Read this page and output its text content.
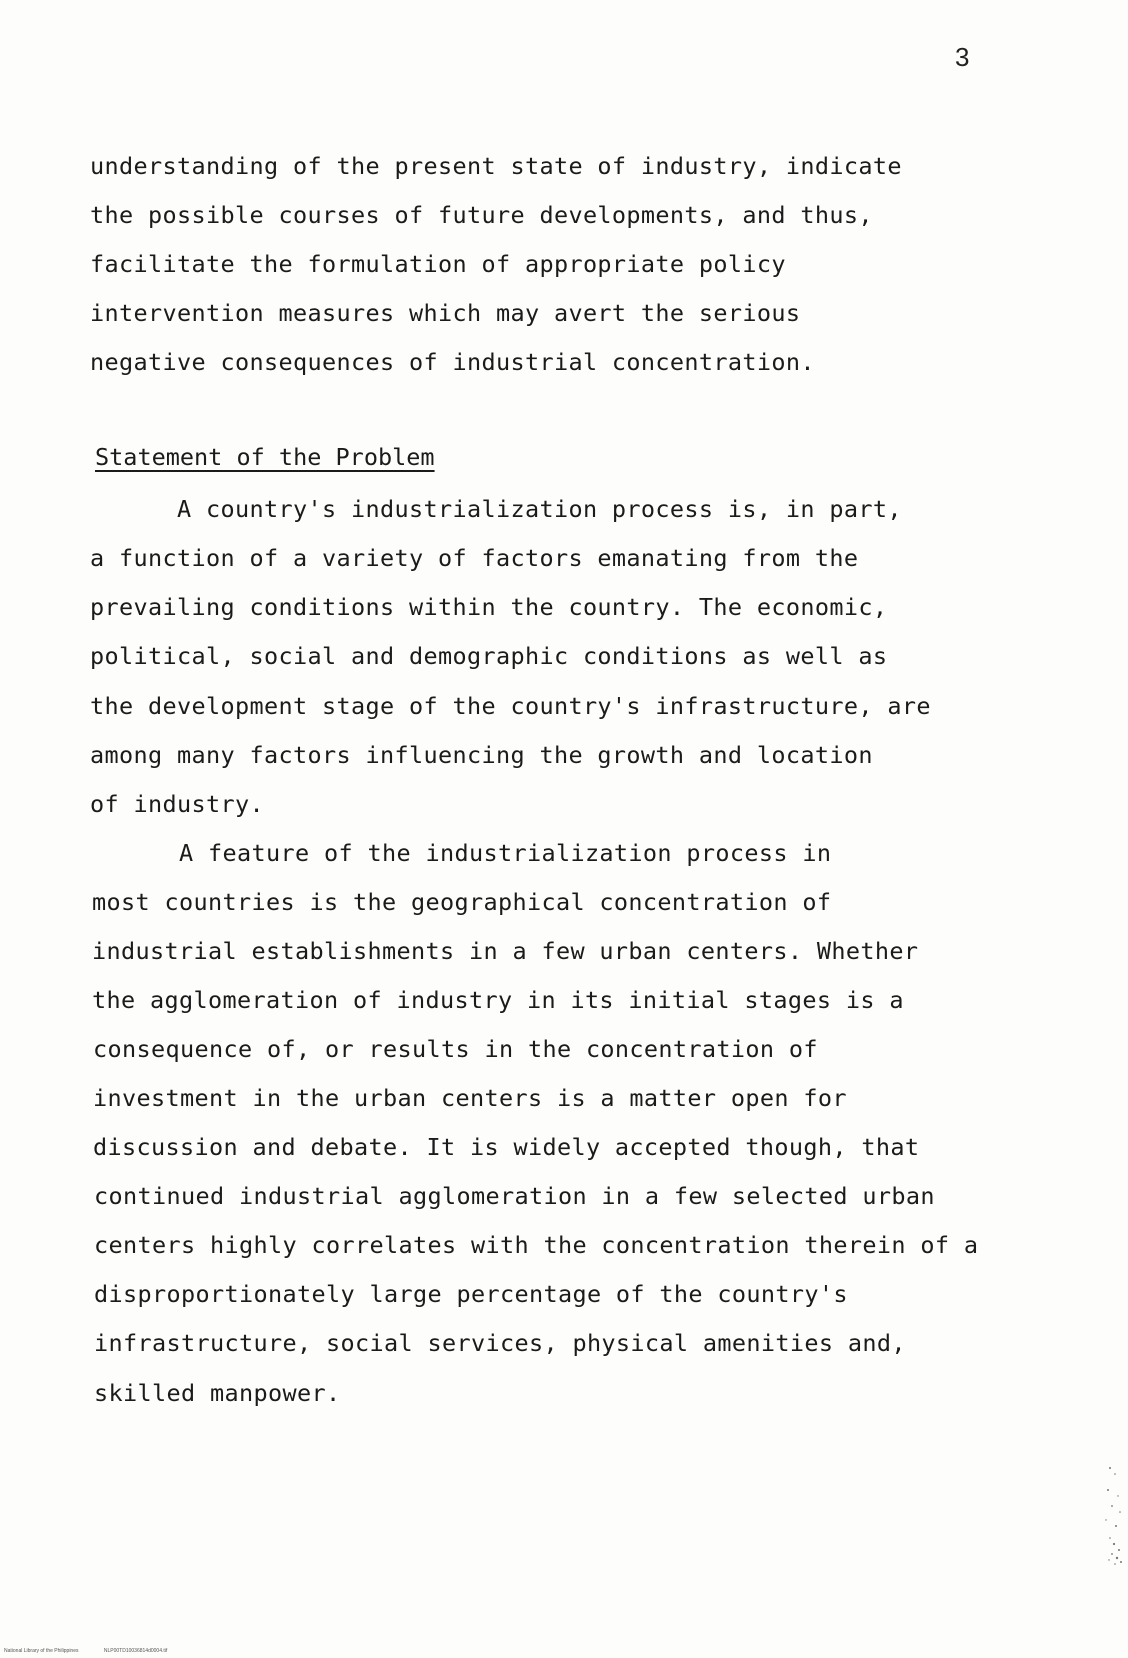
3
understanding of the present state of industry, indicate
the possible courses of future developments, and thus,
facilitate the formulation of appropriate policy
intervention measures which may avert the serious
negative consequences of industrial concentration.
Statement of the Problem
A country's industrialization process is, in part,
a function of a variety of factors emanating from the
prevailing conditions within the country. The economic,
political, social and demographic conditions as well as
the development stage of the country's infrastructure, are
among many factors influencing the growth and location
of industry.
A feature of the industrialization process in
most countries is the geographical concentration of
industrial establishments in a few urban centers. Whether
the agglomeration of industry in its initial stages is a
consequence of, or results in the concentration of
investment in the urban centers is a matter open for
discussion and debate. It is widely accepted though, that
continued industrial agglomeration in a few selected urban
centers highly correlates with the concentration therein of a
disproportionately large percentage of the country's
infrastructure, social services, physical amenities and,
skilled manpower.
National Library of the Philippines	NLP00TD10036814d0004.tif
